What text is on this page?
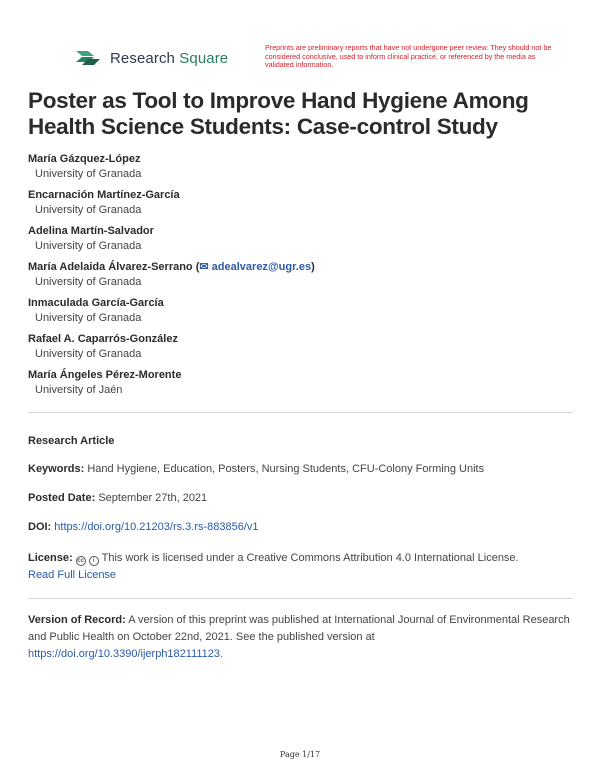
Research Square
Preprints are preliminary reports that have not undergone peer review. They should not be considered conclusive, used to inform clinical practice, or referenced by the media as validated information.
Poster as Tool to Improve Hand Hygiene Among Health Science Students: Case-control Study
María Gázquez-López
University of Granada
Encarnación Martínez-García
University of Granada
Adelina Martín-Salvador
University of Granada
María Adelaida Álvarez-Serrano (✉ adealvarez@ugr.es)
University of Granada
Inmaculada García-García
University of Granada
Rafael A. Caparrós-González
University of Granada
María Ángeles Pérez-Morente
University of Jaén
Research Article
Keywords: Hand Hygiene, Education, Posters, Nursing Students, CFU-Colony Forming Units
Posted Date: September 27th, 2021
DOI: https://doi.org/10.21203/rs.3.rs-883856/v1
License: cc i This work is licensed under a Creative Commons Attribution 4.0 International License.
Read Full License
Version of Record: A version of this preprint was published at International Journal of Environmental Research and Public Health on October 22nd, 2021. See the published version at
https://doi.org/10.3390/ijerph182111123.
Page 1/17
